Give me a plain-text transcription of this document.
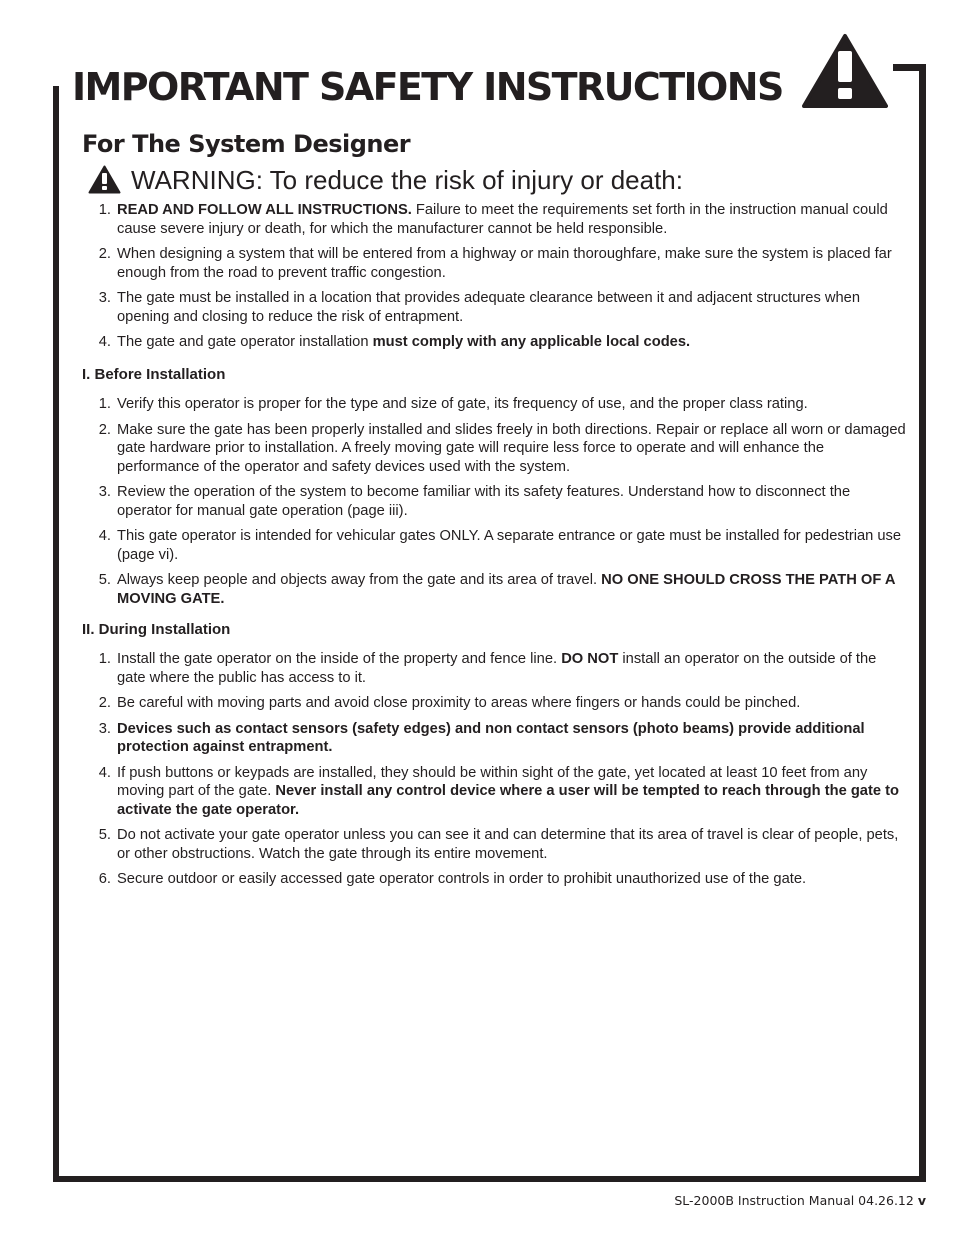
IMPORTANT SAFETY INSTRUCTIONS
For The System Designer
WARNING: To reduce the risk of injury or death:
1. READ AND FOLLOW ALL INSTRUCTIONS. Failure to meet the requirements set forth in the instruction manual could cause severe injury or death, for which the manufacturer cannot be held responsible.
2. When designing a system that will be entered from a highway or main thoroughfare, make sure the system is placed far enough from the road to prevent traffic congestion.
3. The gate must be installed in a location that provides adequate clearance between it and adjacent structures when opening and closing to reduce the risk of entrapment.
4. The gate and gate operator installation must comply with any applicable local codes.
I. Before Installation
1. Verify this operator is proper for the type and size of gate, its frequency of use, and the proper class rating.
2. Make sure the gate has been properly installed and slides freely in both directions. Repair or replace all worn or damaged gate hardware prior to installation. A freely moving gate will require less force to operate and will enhance the performance of the operator and safety devices used with the system.
3. Review the operation of the system to become familiar with its safety features. Understand how to disconnect the operator for manual gate operation (page iii).
4. This gate operator is intended for vehicular gates ONLY. A separate entrance or gate must be installed for pedestrian use (page vi).
5. Always keep people and objects away from the gate and its area of travel. NO ONE SHOULD CROSS THE PATH OF A MOVING GATE.
II. During Installation
1. Install the gate operator on the inside of the property and fence line. DO NOT install an operator on the outside of the gate where the public has access to it.
2. Be careful with moving parts and avoid close proximity to areas where fingers or hands could be pinched.
3. Devices such as contact sensors (safety edges) and non contact sensors (photo beams) provide additional protection against entrapment.
4. If push buttons or keypads are installed, they should be within sight of the gate, yet located at least 10 feet from any moving part of the gate. Never install any control device where a user will be tempted to reach through the gate to activate the gate operator.
5. Do not activate your gate operator unless you can see it and can determine that its area of travel is clear of people, pets, or other obstructions. Watch the gate through its entire movement.
6. Secure outdoor or easily accessed gate operator controls in order to prohibit unauthorized use of the gate.
SL-2000B Instruction Manual 04.26.12 v
